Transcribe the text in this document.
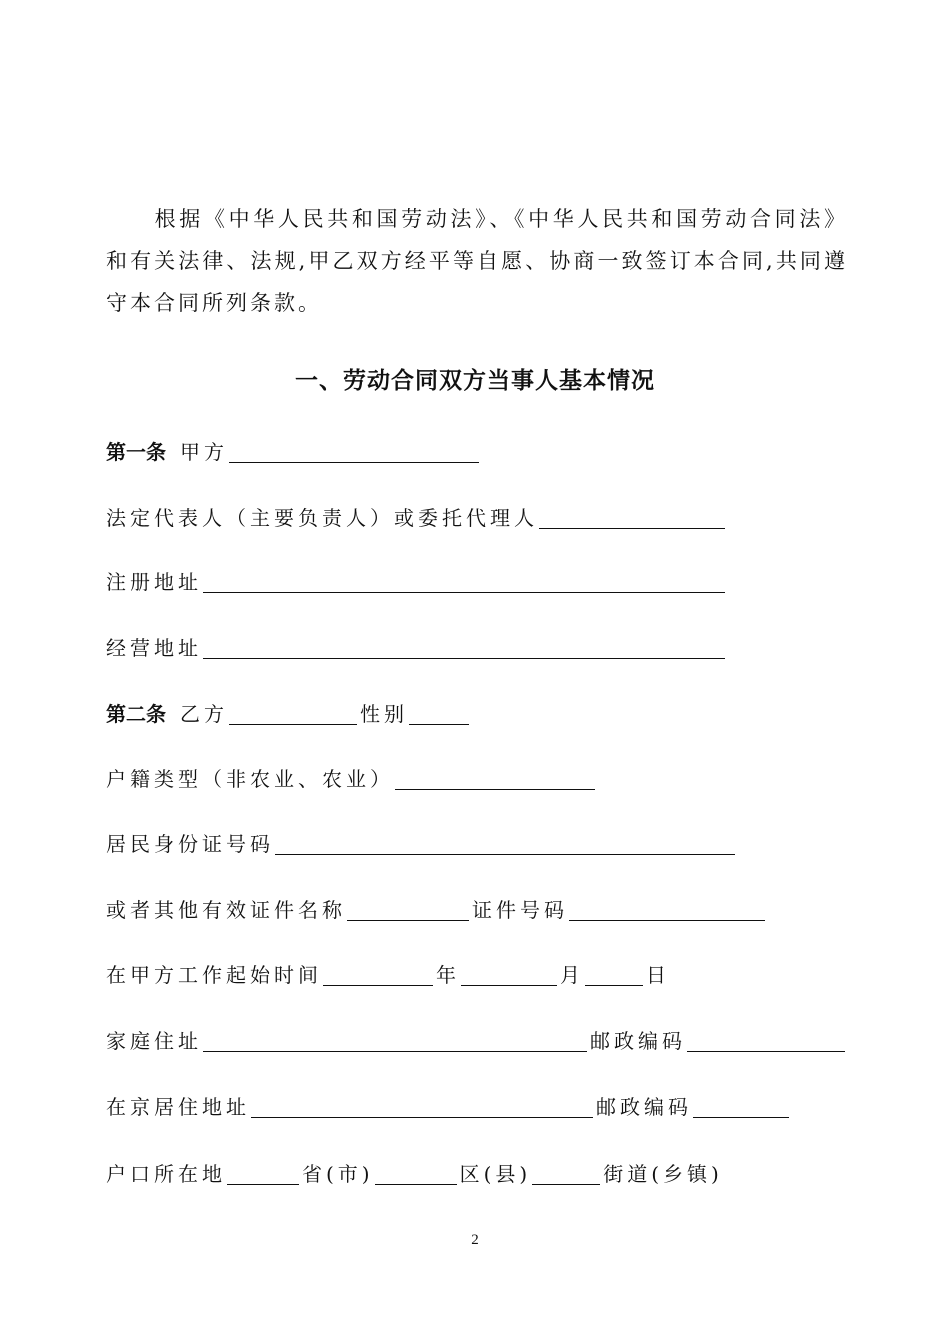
根据《中华人民共和国劳动法》、《中华人民共和国劳动合同法》和有关法律、法规,甲乙双方经平等自愿、协商一致签订本合同,共同遵守本合同所列条款。

一、劳动合同双方当事人基本情况
第一条 甲方
法定代表人（主要负责人）或委托代理人
注册地址
经营地址
第二条 乙方	性别
户籍类型（非农业、农业）
居民身份证号码
或者其他有效证件名称	证件号码
在甲方工作起始时间	年	月	日
家庭住址	邮政编码
在京居住地址	邮政编码
户口所在地	省(市)	区(县)	街道(乡镇)
2
